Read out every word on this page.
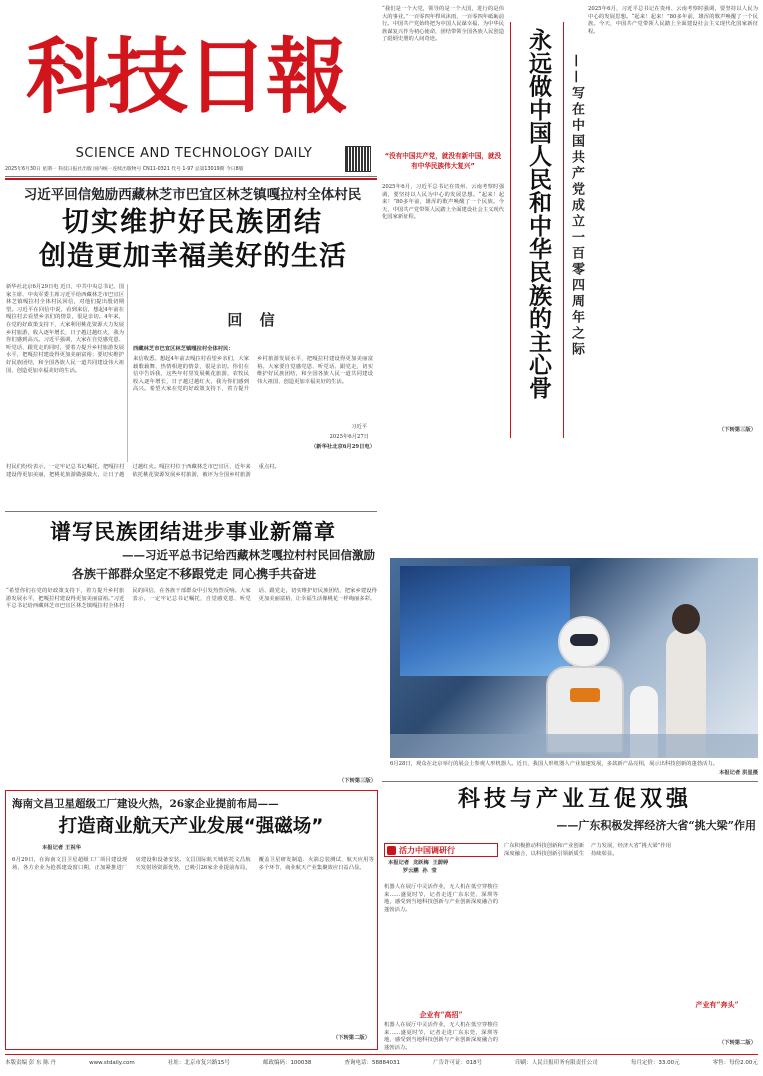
科技日報
SCIENCE AND TECHNOLOGY DAILY
2025年6月30日 星期一 科技日报社出版 国内统一连续出版物号 CN11-0321 代号 1-97 总第13019期 今日8版
习近平回信勉励西藏林芝市巴宜区林芝镇嘎拉村全体村民
切实维护好民族团结
创造更加幸福美好的生活
新华社北京6月29日电 近日，中共中央总书记、国家主席、中央军委主席习近平给西藏林芝市巴宜区林芝镇嘎拉村全体村民回信，对他们提出殷切期望。习近平在回信中说，看到来信，想起4年前在嘎拉村去看望乡亲们的情景，很是亲切。4年来，在党的好政策支持下，大家利用桃花资源大力发展乡村旅游，收入逐年增长，日子越过越红火，我为你们感到高兴。习近平强调，大家在自觉感党恩、听党话、跟党走的同时，要着力提升乡村旅游发展水平，把嘎拉村建设得更加美丽富裕；要切实维护好民族团结，和全国各族人民一道共同建设伟大祖国、创造更加幸福美好的生活。
回 信
西藏林芝市巴宜区林芝镇嘎拉村全体村民：
来信收悉。想起4年前去嘎拉村看望乡亲们，大家载歌载舞、热情相迎的情景，很是亲切。你们在信中告诉我，这些年村里发展桃花旅游，农牧民收入逐年增长，日子越过越红火，我为你们感到高兴。希望大家在党的好政策支持下，着力提升乡村旅游发展水平，把嘎拉村建设得更加美丽富裕。大家要自觉感党恩、听党话、跟党走，切实维护好民族团结，和全国各族人民一道共同建设伟大祖国、创造更加幸福美好的生活。
习近平
2025年6月27日
（新华社北京6月29日电）
村民们纷纷表示，一定牢记总书记嘱托，把嘎拉村建设得更加美丽，把桃花旅游做强做大，让日子越过越红火。嘎拉村位于西藏林芝市巴宜区，近年来依托桃花资源发展乡村旅游，被评为全国乡村旅游重点村。
谱写民族团结进步事业新篇章
——习近平总书记给西藏林芝嘎拉村村民回信激励
各族干部群众坚定不移跟党走 同心携手共奋进
“希望你们在党的好政策支持下，着力提升乡村旅游发展水平，把嘎拉村建设得更加美丽富裕。”习近平总书记给西藏林芝市巴宜区林芝镇嘎拉村全体村民的回信，在各族干部群众中引发热烈反响。大家表示，一定牢记总书记嘱托，自觉感党恩、听党话、跟党走，切实维护好民族团结，把家乡建设得更加美丽富裕，让幸福生活像桃花一样绚丽多彩。
（下转第三版）
海南文昌卫星超级工厂建设火热，26家企业提前布局——
打造商业航天产业发展“强磁场”
本报记者 王祝华
6月29日，在海南文昌卫星超级工厂项目建设现场，各方企业为抢抓建设窗口期，正加紧推进厂房建设和设备安装。文昌国际航天城依托文昌航天发射场资源优势，已吸引26家企业提前布局，覆盖卫星研发制造、火箭总装测试、航天应用等多个环节，商业航天产业集聚效应日益凸显。
（下转第二版）
“我们是一个大党，领导的是一个大国，进行的是伟大的事业。”一百零四年栉风沐雨，一百零四年砥砺前行。中国共产党始终把为中国人民谋幸福、为中华民族谋复兴作为初心使命，团结带领全国各族人民创造了彪炳史册的人间奇迹。
“没有中国共产党，就没有新中国，就没有中华民族伟大复兴”
2025年6月，习近平总书记在贵州、云南考察时强调，要坚持以人民为中心的发展思想。“起来！起来！”80多年前，雄浑的歌声唤醒了一个民族。今天，中国共产党带领人民踏上全面建设社会主义现代化国家新征程。	永远做中国人民和中华民族的主心骨 ——写在中国共产党成立一百零四周年之际
2025年6月，习近平总书记在贵州、云南考察时强调，要坚持以人民为中心的发展思想。“起来！起来！”80多年前，雄浑的歌声唤醒了一个民族。今天，中国共产党带领人民踏上全面建设社会主义现代化国家新征程。
（下转第三版）
6月28日，观众在北京举行的展会上参观人形机器人。近日，我国人形机器人产业加速发展，多款新产品亮相，展示出科技创新的蓬勃活力。
本报记者 洪星摄
科技与产业互促双强
——广东积极发挥经济大省“挑大梁”作用
活力中国调研行
本报记者  龙跃梅  王蔚婷
罗云鹏  孙  莹
机器人在展厅中灵活作业，无人机在低空穿梭往来……盛夏时节，记者走进广东东莞、深圳等地，感受到当地科技创新与产业创新深度融合的蓬勃活力。
企业有“高招”
机器人在展厅中灵活作业，无人机在低空穿梭往来……盛夏时节，记者走进广东东莞、深圳等地，感受到当地科技创新与产业创新深度融合的蓬勃活力。
广东积极推动科技创新和产业创新深度融合，以科技创新引领新质生产力发展，经济大省“挑大梁”作用持续彰显。
产业有“奔头”
（下转第二版）
本版责编 彭 东 陈 丹	www.stdaily.com	社址：北京市复兴路15号	邮政编码：100038	查询电话：58884031	广告许可证：018号	印刷：人民日报印务有限责任公司	每月定价：33.00元	零售：每份2.00元
